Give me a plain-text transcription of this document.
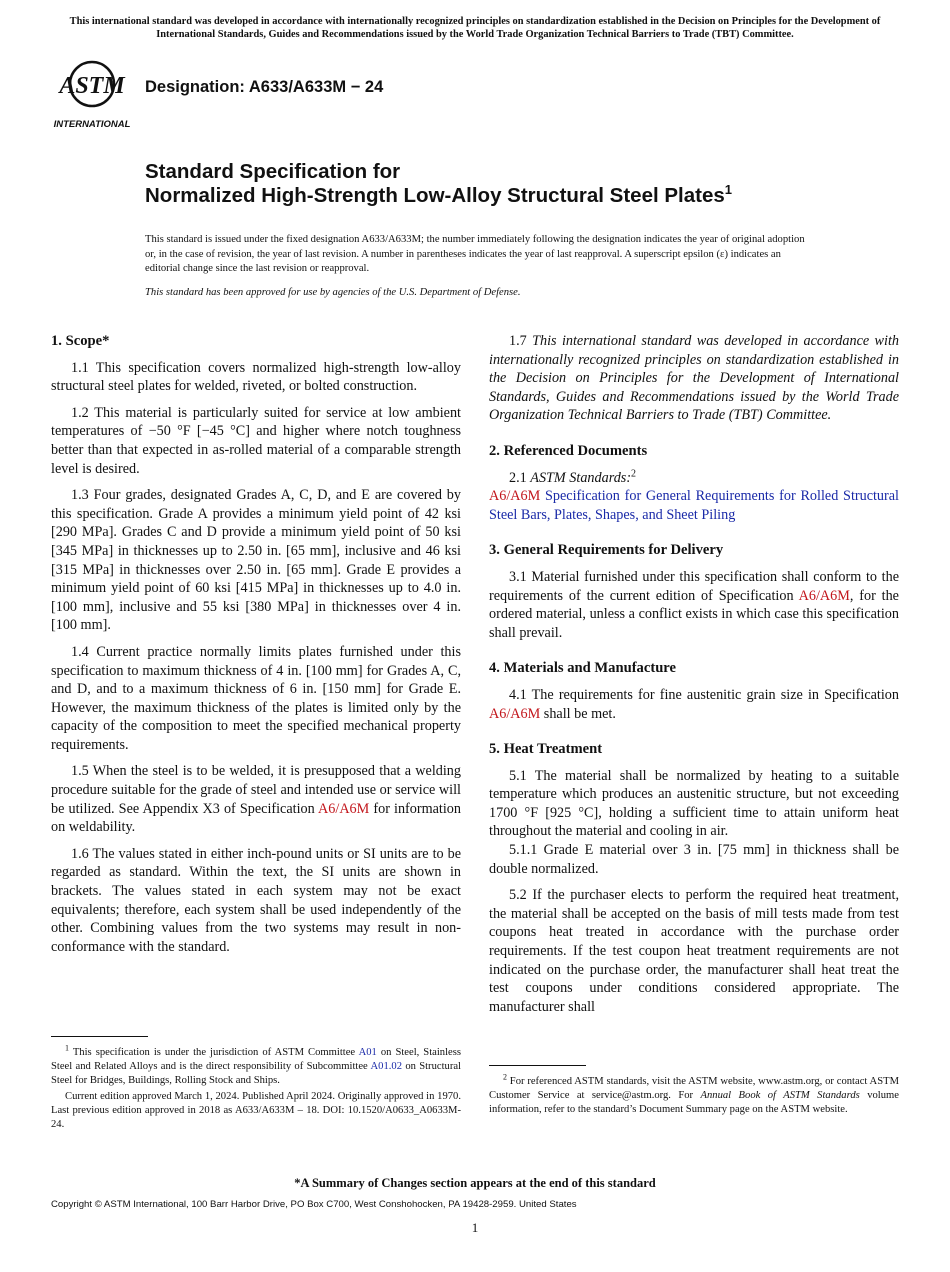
This international standard was developed in accordance with internationally recognized principles on standardization established in the Decision on Principles for the Development of International Standards, Guides and Recommendations issued by the World Trade Organization Technical Barriers to Trade (TBT) Committee.
ASTM
INTERNATIONAL
Designation: A633/A633M − 24
Standard Specification for
Normalized High-Strength Low-Alloy Structural Steel Plates$^1$
This standard is issued under the fixed designation A633/A633M; the number immediately following the designation indicates the year of original adoption or, in the case of revision, the year of last revision. A number in parentheses indicates the year of last reapproval. A superscript epsilon (ε) indicates an editorial change since the last revision or reapproval.
This standard has been approved for use by agencies of the U.S. Department of Defense.
1. Scope*

1.1 This specification covers normalized high-strength low-alloy structural steel plates for welded, riveted, or bolted construction.

1.2 This material is particularly suited for service at low ambient temperatures of −50 °F [−45 °C] and higher where notch toughness better than that expected in as-rolled material of a comparable strength level is desired.

1.3 Four grades, designated Grades A, C, D, and E are covered by this specification. Grade A provides a minimum yield point of 42 ksi [290 MPa]. Grades C and D provide a minimum yield point of 50 ksi [345 MPa] in thicknesses up to 2.50 in. [65 mm], inclusive and 46 ksi [315 MPa] in thicknesses over 2.50 in. [65 mm]. Grade E provides a minimum yield point of 60 ksi [415 MPa] in thicknesses up to 4.0 in. [100 mm], inclusive and 55 ksi [380 MPa] in thicknesses over 4 in. [100 mm].

1.4 Current practice normally limits plates furnished under this specification to maximum thickness of 4 in. [100 mm] for Grades A, C, and D, and to a maximum thickness of 6 in. [150 mm] for Grade E. However, the maximum thickness of the plates is limited only by the capacity of the composition to meet the specified mechanical property requirements.

1.5 When the steel is to be welded, it is presupposed that a welding procedure suitable for the grade of steel and intended use or service will be utilized. See Appendix X3 of Specification A6/A6M for information on weldability.

1.6 The values stated in either inch-pound units or SI units are to be regarded as standard. Within the text, the SI units are shown in brackets. The values stated in each system may not be exact equivalents; therefore, each system shall be used independently of the other. Combining values from the two systems may result in non-conformance with the standard.

1.7 This international standard was developed in accordance with internationally recognized principles on standardization established in the Decision on Principles for the Development of International Standards, Guides and Recommendations issued by the World Trade Organization Technical Barriers to Trade (TBT) Committee.

2. Referenced Documents

2.1 ASTM Standards:$^2$

A6/A6M Specification for General Requirements for Rolled Structural Steel Bars, Plates, Shapes, and Sheet Piling

3. General Requirements for Delivery

3.1 Material furnished under this specification shall conform to the requirements of the current edition of Specification A6/A6M, for the ordered material, unless a conflict exists in which case this specification shall prevail.

4. Materials and Manufacture

4.1 The requirements for fine austenitic grain size in Specification A6/A6M shall be met.

5. Heat Treatment

5.1 The material shall be normalized by heating to a suitable temperature which produces an austenitic structure, but not exceeding 1700 °F [925 °C], holding a sufficient time to attain uniform heat throughout the material and cooling in air.

5.1.1 Grade E material over 3 in. [75 mm] in thickness shall be double normalized.

5.2 If the purchaser elects to perform the required heat treatment, the material shall be accepted on the basis of mill tests made from test coupons heat treated in accordance with the purchase order requirements. If the test coupon heat treatment requirements are not indicated on the purchase order, the manufacturer shall heat treat the test coupons under conditions considered appropriate. The manufacturer shall

$^1$ This specification is under the jurisdiction of ASTM Committee A01 on Steel, Stainless Steel and Related Alloys and is the direct responsibility of Subcommittee A01.02 on Structural Steel for Bridges, Buildings, Rolling Stock and Ships.

Current edition approved March 1, 2024. Published April 2024. Originally approved in 1970. Last previous edition approved in 2018 as A633/A633M – 18. DOI: 10.1520/A0633_A0633M-24.

$^2$ For referenced ASTM standards, visit the ASTM website, www.astm.org, or contact ASTM Customer Service at service@astm.org. For Annual Book of ASTM Standards volume information, refer to the standard’s Document Summary page on the ASTM website.

*A Summary of Changes section appears at the end of this standard
Copyright © ASTM International, 100 Barr Harbor Drive, PO Box C700, West Conshohocken, PA 19428-2959. United States
1
